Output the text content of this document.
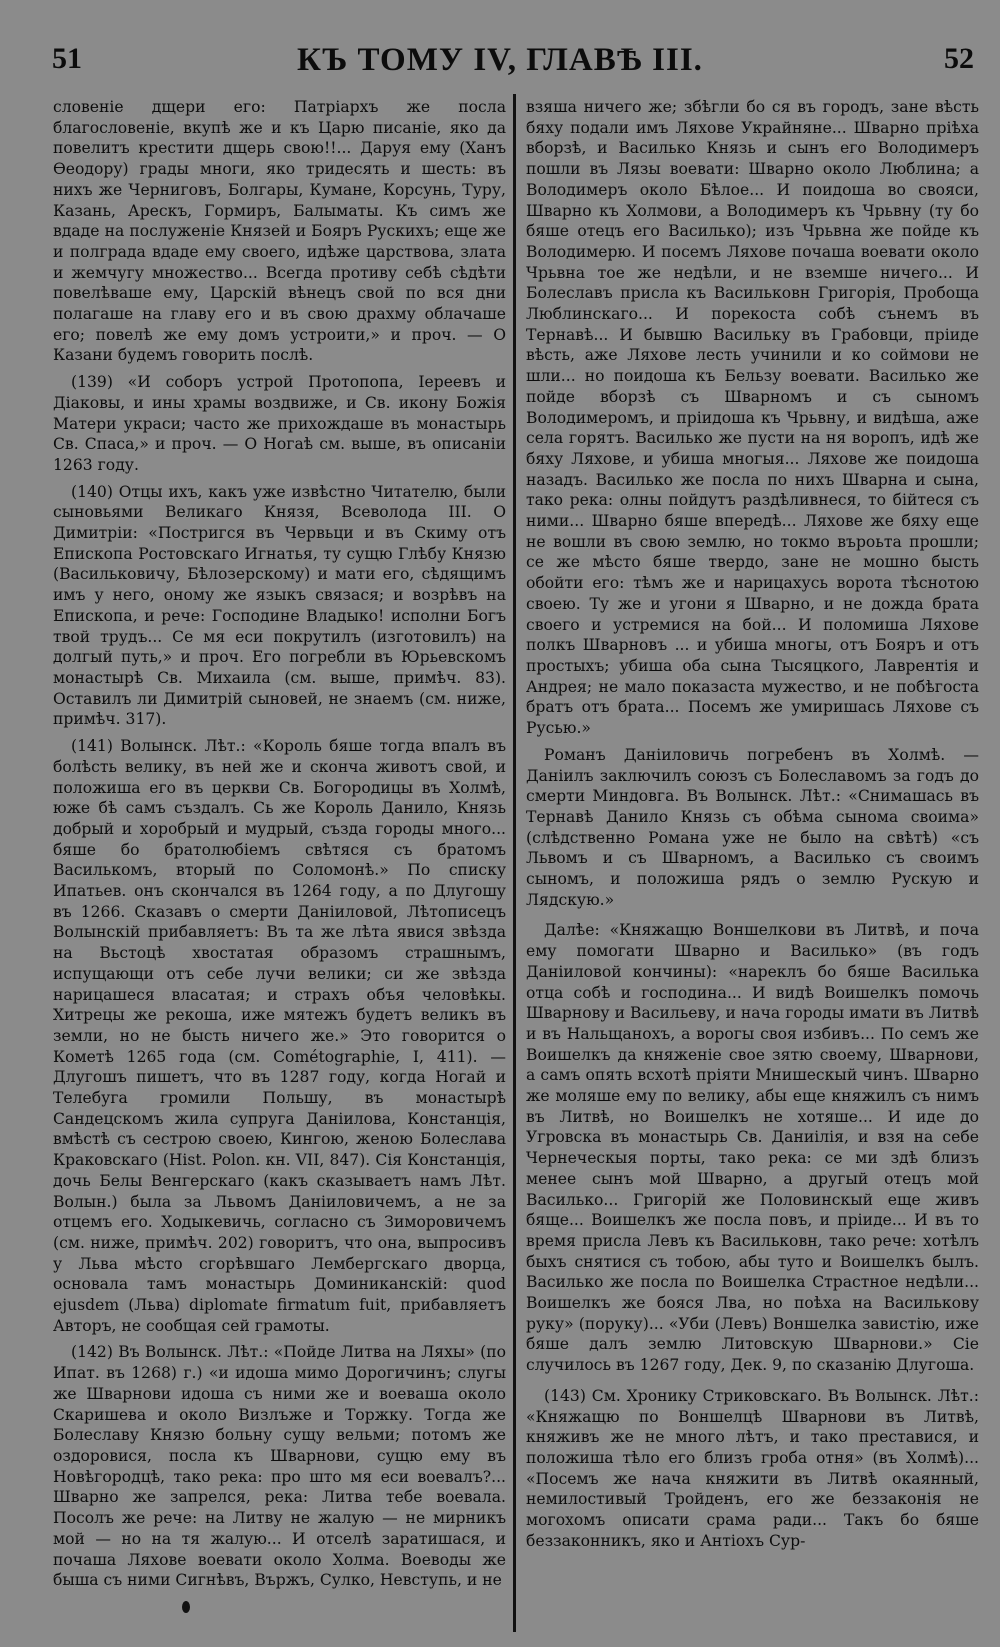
51	КЪ ТОМУ IV, ГЛАВѢ III.	52

словеніе дщери его: Патріархъ же посла благословеніе, вкупѣ же и къ Царю писаніе, яко да повелитъ крестити дщерь свою!!... Даруя ему (Ханъ Ѳеодору) грады многи, яко тридесять и шесть: въ нихъ же Черниговъ, Болгары, Кумане, Корсунь, Туру, Казань, Арескъ, Гормиръ, Балыматы. Къ симъ же вдаде на послуженіе Князей и Бояръ Рускихъ; еще же и полграда вдаде ему своего, идѣже царствова, злата и жемчугу множество... Всегда противу себѣ сѣдѣти повелѣваше ему, Царскій вѣнецъ свой по вся дни полагаше на главу его и въ свою драхму облачаше его; повелѣ же ему домъ устроити,» и проч. — О Казани будемъ говорить послѣ.

(139) «И соборъ устрой Протопопа, Іереевъ и Діаковы, и ины храмы воздвиже, и Св. икону Божія Матери украси; часто же прихождаше въ монастырь Св. Спаса,» и проч. — О Ногаѣ см. выше, въ описаніи 1263 году.

(140) Отцы ихъ, какъ уже извѣстно Читателю, были сыновьями Великаго Князя, Всеволода III. О Димитріи: «Постригся въ Червьци и въ Скиму отъ Епископа Ростовскаго Игнатья, ту сущю Глѣбу Князю (Васильковичу, Бѣлозерскому) и мати его, сѣдящимъ имъ у него, оному же языкъ связася; и возрѣвъ на Епископа, и рече: Господине Владыко! исполни Богъ твой трудъ... Се мя еси покрутилъ (изготовилъ) на долгый путь,» и проч. Его погребли въ Юрьевскомъ монастырѣ Св. Михаила (см. выше, примѣч. 83). Оставилъ ли Димитрій сыновей, не знаемъ (см. ниже, примѣч. 317).

(141) Волынск. Лѣт.: «Король бяше тогда впалъ въ болѣсть велику, въ ней же и скончa животъ свой, и положиша его въ церкви Св. Богородицы въ Холмѣ, юже бѣ самъ създалъ. Сь же Король Данило, Князь добрый и хоробрый и мудрый, създа городы много... бяше бо братолюбіемъ свѣтяся съ братомъ Василькомъ, вторый по Соломонѣ.» По списку Ипатьев. онъ скончался въ 1264 году, а по Длугошу въ 1266. Сказавъ о смерти Даніиловой, Лѣтописецъ Волынскій прибавляетъ: Въ та же лѣта явися звѣзда на Вьстоцѣ хвостатая образомъ страшнымъ, испущающи отъ себе лучи велики; си же звѣзда нарицашеся власатая; и страхъ объя человѣкы. Хитрецы же рекоша, иже мятежъ будетъ великъ въ земли, но не бысть ничего же.» Это говорится о Кометѣ 1265 года (см. Cométographie, I, 411). — Длугошъ пишетъ, что въ 1287 году, когда Ногай и Телебуга громили Польшу, въ монастырѣ Сандецскомъ жила супруга Даніилова, Констанція, вмѣстѣ съ сестрою своею, Кингою, женою Болеслава Краковскаго (Hist. Polon. кн. VII, 847). Сія Констанція, дочь Белы Венгерскаго (какъ сказываетъ намъ Лѣт. Волын.) была за Львомъ Даніиловичемъ, а не за отцемъ его. Ходыкевичь, согласно съ Зиморовичемъ (см. ниже, примѣч. 202) говоритъ, что она, выпросивъ у Льва мѣсто сгорѣвшаго Лембергскаго дворца, основала тамъ монастырь Доминиканскій: quod ejusdem (Льва) diplomate firmatum fuit, прибавляетъ Авторъ, не сообщая сей грамоты.

(142) Въ Волынск. Лѣт.: «Пойде Литва на Ляхы» (по Ипат. въ 1268) г.) «и идоша мимо Дорогичинъ; слугы же Шварнови идоша съ ними же и воеваша около Скаришева и около Визлъже и Торжку. Тогда же Болеславу Князю больну сущу вельми; потомъ же оздоровися, посла къ Шварнови, сущю ему въ Новѣгородцѣ, тако река: про што мя еси воевалъ?... Шварно же запрелся, река: Литва тебе воевала. Посолъ же рече: на Литву не жалую — не мирникъ мой — но на тя жалую... И отселѣ заратишася, и почаша Ляхове воевати около Холма. Воеводы же быша съ ними Сигнѣвъ, Вържъ, Сулко, Невступь, и не

взяша ничего же; збѣгли бо ся въ городъ, зане вѣсть бяху подали имъ Ляхове Украйняне... Шварно пріѣха вборзѣ, и Василько Князь и сынъ его Володимеръ пошли въ Лязы воевати: Шварно около Люблина; а Володимеръ около Бѣлое... И поидоша во свояси, Шварно къ Холмови, а Володимеръ къ Чрьвну (ту бо бяше отецъ его Василько); изъ Чрьвна же пойде къ Володимерю. И посемъ Ляхове почаша воевати около Чрьвна тое же недѣли, и не вземше ничего... И Болеславъ присла къ Васильковн Григорія, Пробоща Люблинскаго... И порекоста собѣ сънемъ въ Тернавѣ... И бывшю Васильку въ Грабовци, пріиде вѣсть, аже Ляхове лесть учинили и ко соймови не шли... но поидоша къ Бельзу воевати. Василько же пойде вборзѣ съ Шварномъ и съ сыномъ Володимеромъ, и пріидоша къ Чрьвну, и видѣша, аже села горятъ. Василько же пусти на ня воропъ, идѣ же бяху Ляхове, и убиша многыя... Ляхове же поидоша назадъ. Василько же посла по нихъ Шварна и сына, тако река: олны пойдутъ раздѣливнеся, то бійтеся съ ними... Шварно бяше впередѣ... Ляхове же бяху еще не вошли въ свою землю, но токмо въроьта прошли; се же мѣсто бяше твердо, зане не мошно бысть обойти его: тѣмъ же и нарицахусь ворота тѣснотою своею. Ту же и угони я Шварно, и не дожда брата своего и устремися на бой... И поломиша Ляхове полкъ Шварновъ ... и убиша многы, отъ Бояръ и отъ простыхъ; убиша оба сына Тысяцкого, Лаврентія и Андрея; не мало показаста мужество, и не побѣгоста братъ отъ брата... Посемъ же умиришась Ляхове съ Русью.»

Романъ Даніиловичь погребенъ въ Холмѣ. — Даніилъ заключилъ союзъ съ Болеславомъ за годъ до смерти Миндовга. Въ Волынск. Лѣт.: «Снимашась въ Тернавѣ Данило Князь съ обѣма сынома своима» (слѣдственно Романа уже не было на свѣтѣ) «съ Львомъ и съ Шварномъ, а Василько съ своимъ сыномъ, и положиша рядъ о землю Рускую и Лядскую.»

Далѣе: «Княжащю Воншелкови въ Литвѣ, и поча ему помогати Шварно и Василько» (въ годъ Даніиловой кончины): «нареклъ бо бяше Василька отца собѣ и господина... И видѣ Воишелкъ помочь Шварнову и Васильеву, и нача городы имати въ Литвѣ и въ Нальщанохъ, а ворогы своя избивъ... По семъ же Воишелкъ да княженіе свое зятю своему, Шварнови, а самъ опять всхотѣ пріяти Мнишескый чинъ. Шварно же моляше ему по велику, абы еще княжилъ съ нимъ въ Литвѣ, но Воишелкъ не хотяше... И иде до Угровска въ монастырь Св. Даниілія, и взя на себе Чернеческыя порты, тако река: се ми здѣ близъ менее сынъ мой Шварно, а другый отецъ мой Василько... Григорій же Половинскый еще живъ бяще... Воишелкъ же посла повъ, и пріиде... И въ то время присла Левъ къ Васильковн, тако рече: хотѣлъ быхъ снятися съ тобою, абы туто и Воишелкъ былъ. Василько же посла по Воишелка Страстное недѣли... Воишелкъ же бояся Лва, но поѣха на Василькову руку» (поруку)... «Уби (Левъ) Воншелка завистію, иже бяше далъ землю Литовскую Шварнови.» Сіе случилось въ 1267 году, Дек. 9, по сказанію Длугоша.

(143) См. Хронику Стриковскаго. Въ Волынск. Лѣт.: «Княжащю по Воншелцѣ Шварнови въ Литвѣ, княживъ же не много лѣтъ, и тако преставися, и положиша тѣло его близъ гроба отня» (въ Холмѣ)... «Посемъ же нача княжити въ Литвѣ окаянный, немилостивый Тройденъ, его же беззаконія не могохомъ описати срама ради... Такъ бо бяше беззаконникъ, яко и Антіохъ Сур-
